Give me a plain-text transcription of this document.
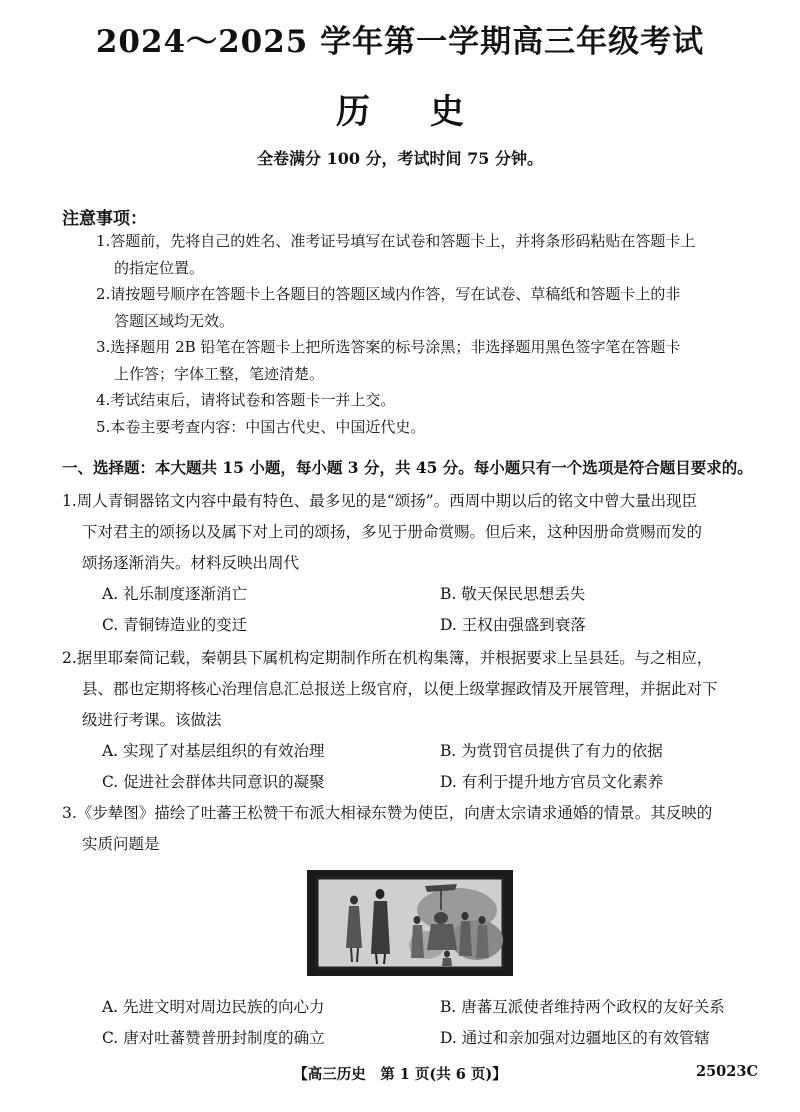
2024～2025 学年第一学期高三年级考试
历史
全卷满分 100 分，考试时间 75 分钟。
注意事项：
1.答题前，先将自己的姓名、准考证号填写在试卷和答题卡上，并将条形码粘贴在答题卡上
的指定位置。
2.请按题号顺序在答题卡上各题目的答题区域内作答，写在试卷、草稿纸和答题卡上的非
答题区域均无效。
3.选择题用 2B 铅笔在答题卡上把所选答案的标号涂黑；非选择题用黑色签字笔在答题卡
上作答；字体工整，笔迹清楚。
4.考试结束后，请将试卷和答题卡一并上交。
5.本卷主要考查内容：中国古代史、中国近代史。
一、选择题：本大题共 15 小题，每小题 3 分，共 45 分。每小题只有一个选项是符合题目要求的。
1.周人青铜器铭文内容中最有特色、最多见的是“颂扬”。西周中期以后的铭文中曾大量出现臣
下对君主的颂扬以及属下对上司的颂扬，多见于册命赏赐。但后来，这种因册命赏赐而发的
颂扬逐渐消失。材料反映出周代
A. 礼乐制度逐渐消亡	B. 敬天保民思想丢失
C. 青铜铸造业的变迁	D. 王权由强盛到衰落
2.据里耶秦简记载，秦朝县下属机构定期制作所在机构集簿，并根据要求上呈县廷。与之相应，
县、郡也定期将核心治理信息汇总报送上级官府，以便上级掌握政情及开展管理，并据此对下
级进行考课。该做法
A. 实现了对基层组织的有效治理	B. 为赏罚官员提供了有力的依据
C. 促进社会群体共同意识的凝聚	D. 有利于提升地方官员文化素养
3.《步辇图》描绘了吐蕃王松赞干布派大相禄东赞为使臣，向唐太宗请求通婚的情景。其反映的
实质问题是
A. 先进文明对周边民族的向心力	B. 唐蕃互派使者维持两个政权的友好关系
C. 唐对吐蕃赞普册封制度的确立	D. 通过和亲加强对边疆地区的有效管辖
【高三历史　第 1 页(共 6 页)】	25023C
